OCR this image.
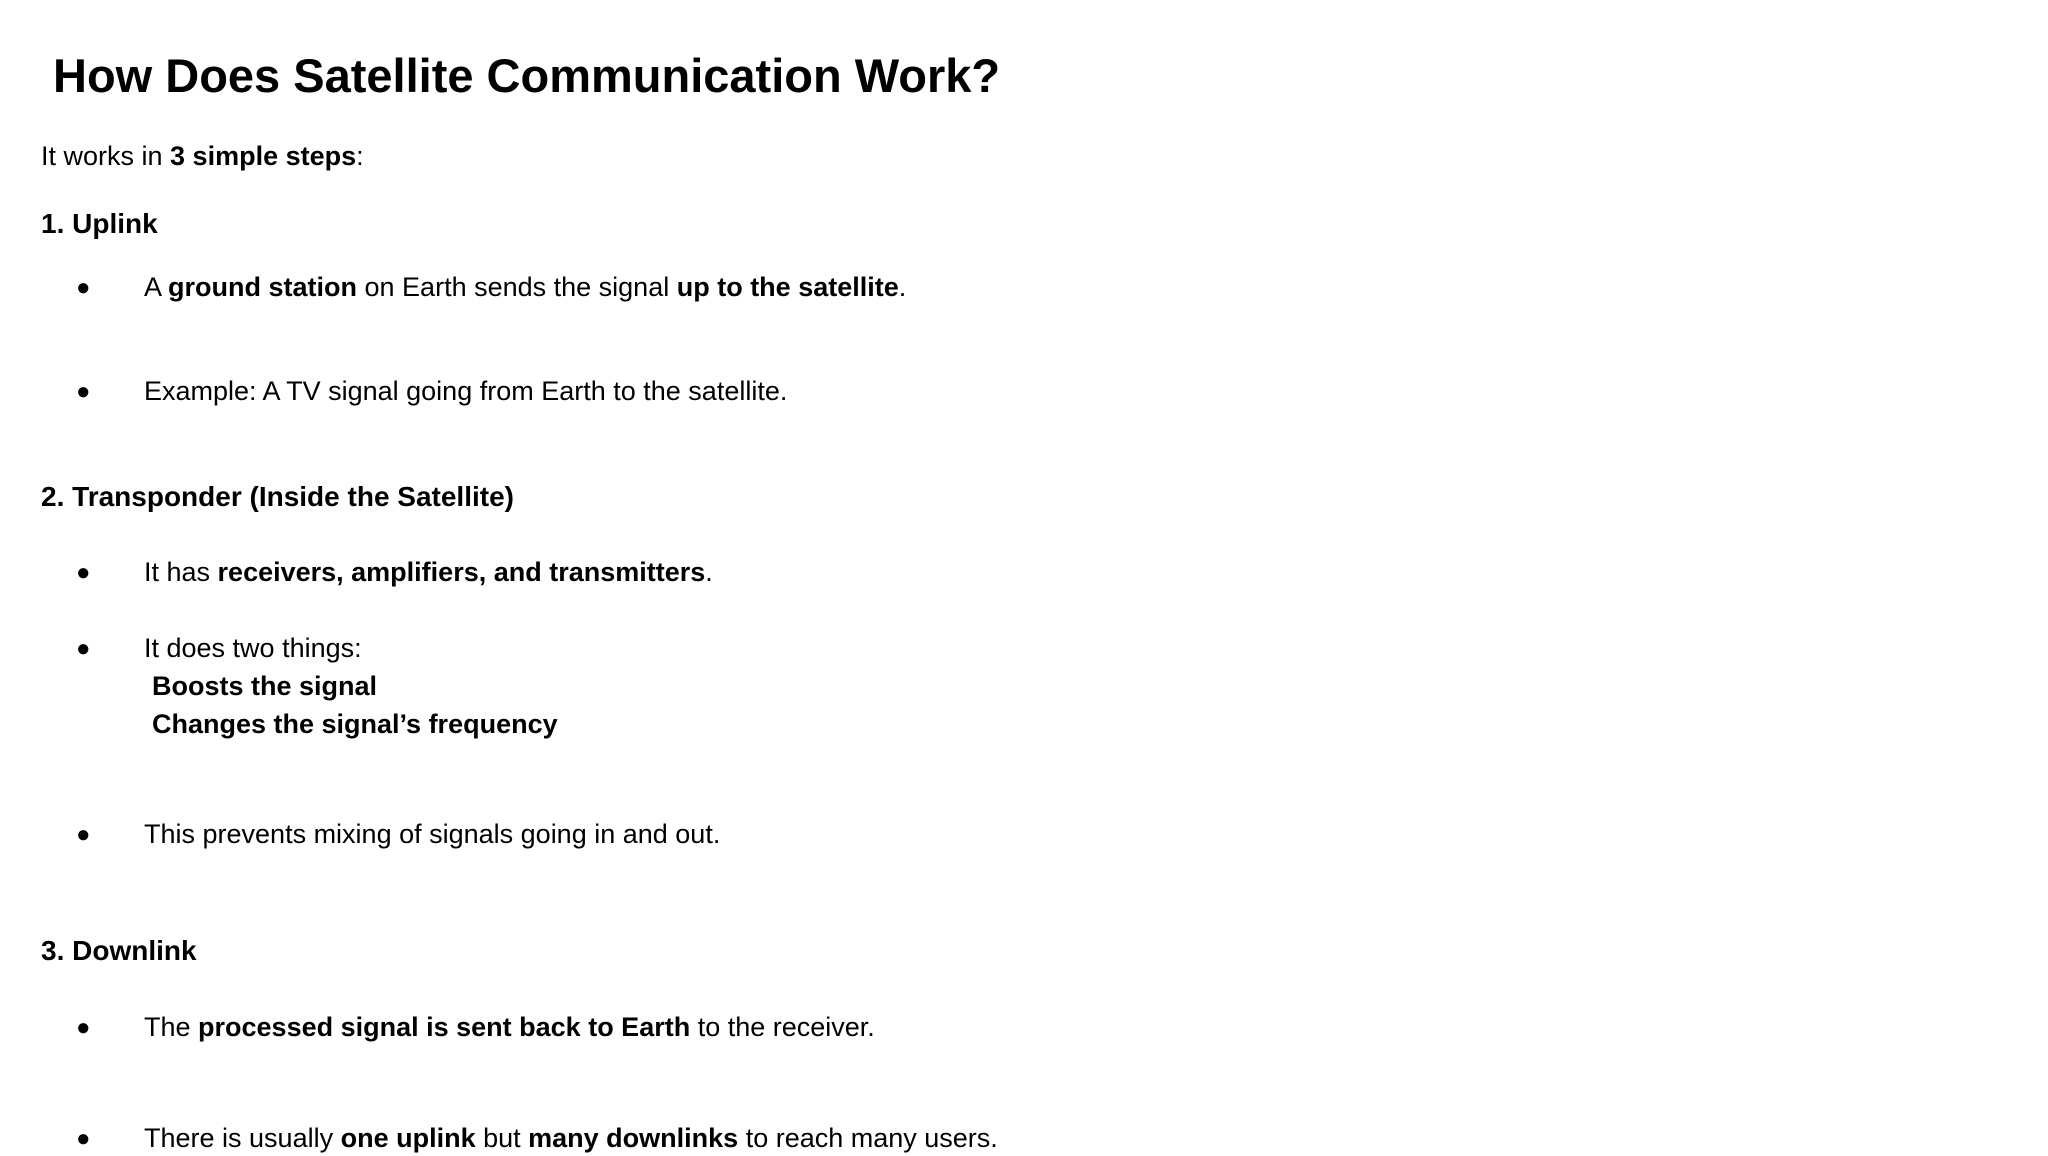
How Does Satellite Communication Work?
It works in 3 simple steps:
1. Uplink
● A ground station on Earth sends the signal up to the satellite.
● Example: A TV signal going from Earth to the satellite.
2. Transponder (Inside the Satellite)
● It has receivers, amplifiers, and transmitters.
● It does two things:
Boosts the signal
Changes the signal’s frequency
● This prevents mixing of signals going in and out.
3. Downlink
● The processed signal is sent back to Earth to the receiver.
● There is usually one uplink but many downlinks to reach many users.
